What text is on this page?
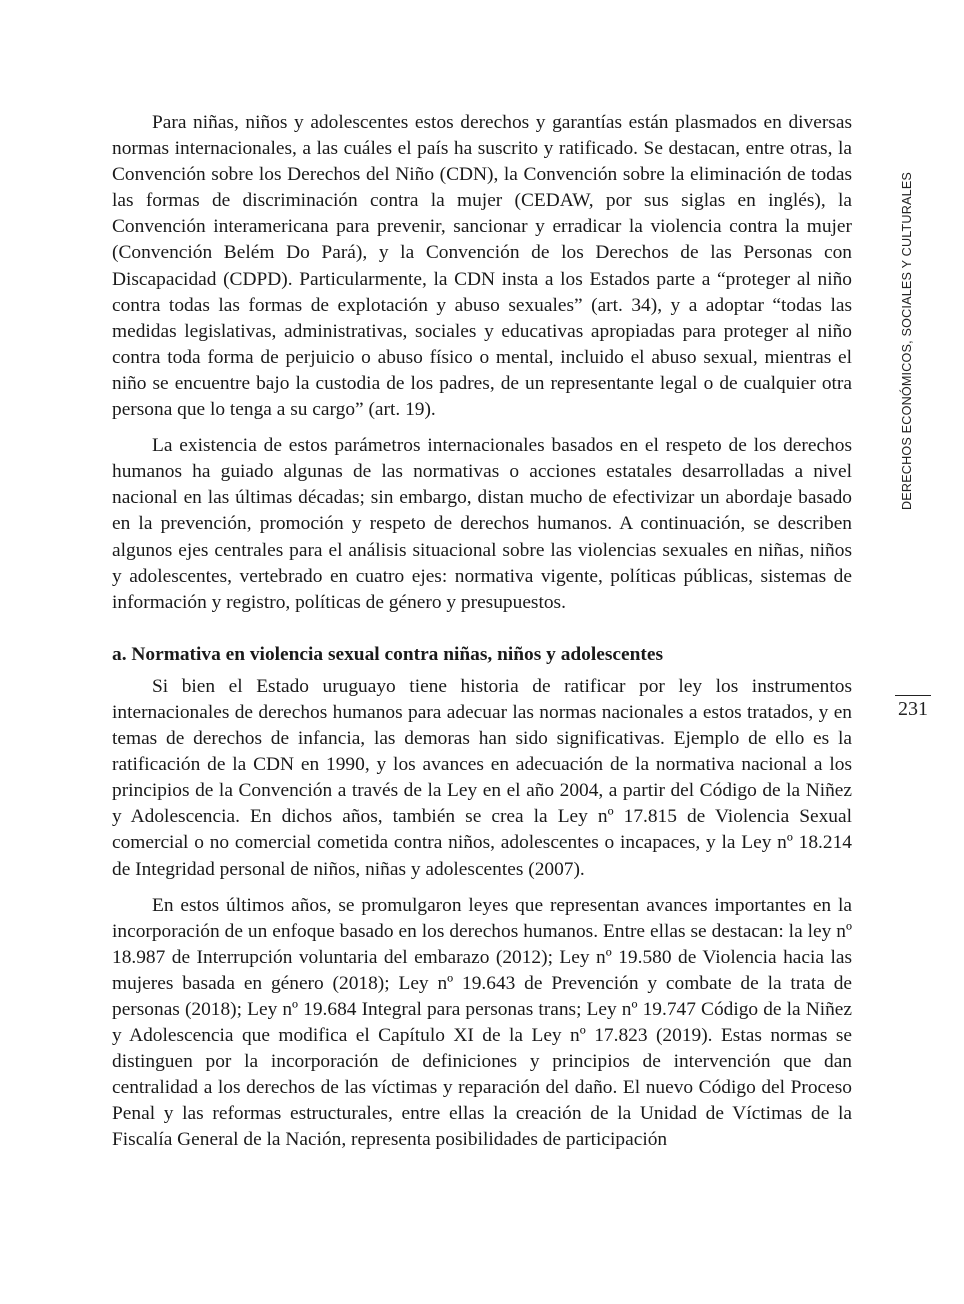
Para niñas, niños y adolescentes estos derechos y garantías están plasmados en diversas normas internacionales, a las cuáles el país ha suscrito y ratificado. Se destacan, entre otras, la Convención sobre los Derechos del Niño (CDN), la Convención sobre la eliminación de todas las formas de discriminación contra la mujer (CEDAW, por sus siglas en inglés), la Convención interamericana para prevenir, sancionar y erradicar la violencia contra la mujer (Convención Belém Do Pará), y la Convención de los Derechos de las Personas con Discapacidad (CDPD). Particularmente, la CDN insta a los Estados parte a “proteger al niño contra todas las formas de explotación y abuso sexuales” (art. 34), y a adoptar “todas las medidas legislativas, administrativas, sociales y educativas apropiadas para proteger al niño contra toda forma de perjuicio o abuso físico o mental, incluido el abuso sexual, mientras el niño se encuentre bajo la custodia de los padres, de un representante legal o de cualquier otra persona que lo tenga a su cargo” (art. 19).

La existencia de estos parámetros internacionales basados en el respeto de los derechos humanos ha guiado algunas de las normativas o acciones estatales desarrolladas a nivel nacional en las últimas décadas; sin embargo, distan mucho de efectivizar un abordaje basado en la prevención, promoción y respeto de derechos humanos. A continuación, se describen algunos ejes centrales para el análisis situacional sobre las violencias sexuales en niñas, niños y adolescentes, vertebrado en cuatro ejes: normativa vigente, políticas públicas, sistemas de información y registro, políticas de género y presupuestos.

a. Normativa en violencia sexual contra niñas, niños y adolescentes

Si bien el Estado uruguayo tiene historia de ratificar por ley los instrumentos internacionales de derechos humanos para adecuar las normas nacionales a estos tratados, y en temas de derechos de infancia, las demoras han sido significativas. Ejemplo de ello es la ratificación de la CDN en 1990, y los avances en adecuación de la normativa nacional a los principios de la Convención a través de la Ley en el año 2004, a partir del Código de la Niñez y Adolescencia. En dichos años, también se crea la Ley nº 17.815 de Violencia Sexual comercial o no comercial cometida contra niños, adolescentes o incapaces, y la Ley nº 18.214 de Integridad personal de niños, niñas y adolescentes (2007).

En estos últimos años, se promulgaron leyes que representan avances importantes en la incorporación de un enfoque basado en los derechos humanos. Entre ellas se destacan: la ley nº 18.987 de Interrupción voluntaria del embarazo (2012); Ley nº 19.580 de Violencia hacia las mujeres basada en género (2018); Ley nº 19.643 de Prevención y combate de la trata de personas (2018); Ley nº 19.684 Integral para personas trans; Ley nº 19.747 Código de la Niñez y Adolescencia que modifica el Capítulo XI de la Ley nº 17.823 (2019). Estas normas se distinguen por la incorporación de definiciones y principios de intervención que dan centralidad a los derechos de las víctimas y reparación del daño. El nuevo Código del Proceso Penal y las reformas estructurales, entre ellas la creación de la Unidad de Víctimas de la Fiscalía General de la Nación, representa posibilidades de participación

DERECHOS ECONÓMICOS, SOCIALES Y CULTURALES
231
